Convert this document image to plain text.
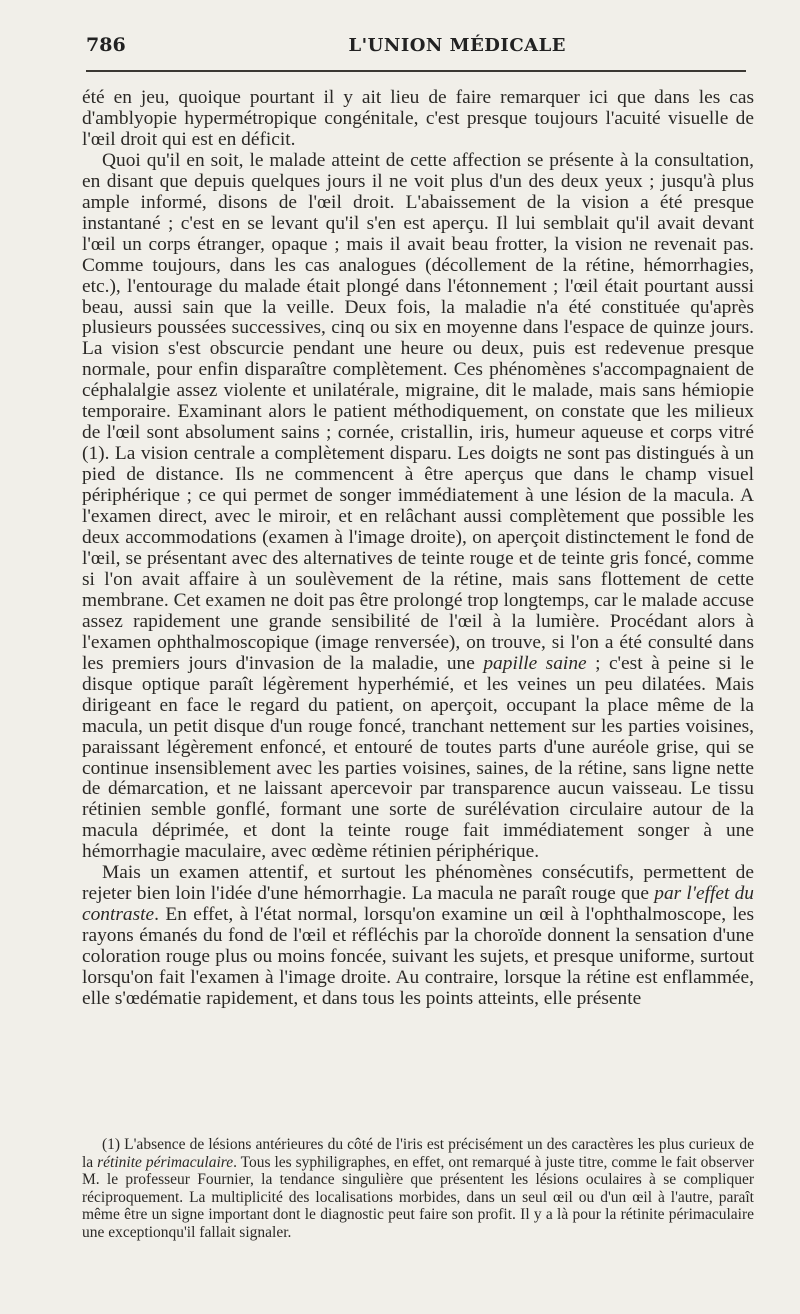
786	L'UNION MÉDICALE

été en jeu, quoique pourtant il y ait lieu de faire remarquer ici que dans les cas d'amblyopie hypermétropique congénitale, c'est presque toujours l'acuité visuelle de l'œil droit qui est en déficit.

Quoi qu'il en soit, le malade atteint de cette affection se présente à la consultation, en disant que depuis quelques jours il ne voit plus d'un des deux yeux ; jusqu'à plus ample informé, disons de l'œil droit. L'abaissement de la vision a été presque instantané ; c'est en se levant qu'il s'en est aperçu. Il lui semblait qu'il avait devant l'œil un corps étranger, opaque ; mais il avait beau frotter, la vision ne revenait pas. Comme toujours, dans les cas analogues (décollement de la rétine, hémorrhagies, etc.), l'entourage du malade était plongé dans l'étonnement ; l'œil était pourtant aussi beau, aussi sain que la veille. Deux fois, la maladie n'a été constituée qu'après plusieurs poussées successives, cinq ou six en moyenne dans l'espace de quinze jours. La vision s'est obscurcie pendant une heure ou deux, puis est redevenue presque normale, pour enfin disparaître complètement. Ces phénomènes s'accompagnaient de céphalalgie assez violente et unilatérale, migraine, dit le malade, mais sans hémiopie temporaire. Examinant alors le patient méthodiquement, on constate que les milieux de l'œil sont absolument sains ; cornée, cristallin, iris, humeur aqueuse et corps vitré (1). La vision centrale a complètement disparu. Les doigts ne sont pas distingués à un pied de distance. Ils ne commencent à être aperçus que dans le champ visuel périphérique ; ce qui permet de songer immédiatement à une lésion de la macula. A l'examen direct, avec le miroir, et en relâchant aussi complètement que possible les deux accommodations (examen à l'image droite), on aperçoit distinctement le fond de l'œil, se présentant avec des alternatives de teinte rouge et de teinte gris foncé, comme si l'on avait affaire à un soulèvement de la rétine, mais sans flottement de cette membrane. Cet examen ne doit pas être prolongé trop longtemps, car le malade accuse assez rapidement une grande sensibilité de l'œil à la lumière. Procédant alors à l'examen ophthalmoscopique (image renversée), on trouve, si l'on a été consulté dans les premiers jours d'invasion de la maladie, une papille saine ; c'est à peine si le disque optique paraît légèrement hyperhémié, et les veines un peu dilatées. Mais dirigeant en face le regard du patient, on aperçoit, occupant la place même de la macula, un petit disque d'un rouge foncé, tranchant nettement sur les parties voisines, paraissant légèrement enfoncé, et entouré de toutes parts d'une auréole grise, qui se continue insensiblement avec les parties voisines, saines, de la rétine, sans ligne nette de démarcation, et ne laissant apercevoir par transparence aucun vaisseau. Le tissu rétinien semble gonflé, formant une sorte de surélévation circulaire autour de la macula déprimée, et dont la teinte rouge fait immédiatement songer à une hémorrhagie maculaire, avec œdème rétinien périphérique.

Mais un examen attentif, et surtout les phénomènes consécutifs, permettent de rejeter bien loin l'idée d'une hémorrhagie. La macula ne paraît rouge que par l'effet du contraste. En effet, à l'état normal, lorsqu'on examine un œil à l'ophthalmoscope, les rayons émanés du fond de l'œil et réfléchis par la choroïde donnent la sensation d'une coloration rouge plus ou moins foncée, suivant les sujets, et presque uniforme, surtout lorsqu'on fait l'examen à l'image droite. Au contraire, lorsque la rétine est enflammée, elle s'œdématie rapidement, et dans tous les points atteints, elle présente

(1) L'absence de lésions antérieures du côté de l'iris est précisément un des caractères les plus curieux de la rétinite périmaculaire. Tous les syphiligraphes, en effet, ont remarqué à juste titre, comme le fait observer M. le professeur Fournier, la tendance singulière que présentent les lésions oculaires à se compliquer réciproquement. La multiplicité des localisations morbides, dans un seul œil ou d'un œil à l'autre, paraît même être un signe important dont le diagnostic peut faire son profit. Il y a là pour la rétinite périmaculaire une exceptionqu'il fallait signaler.
